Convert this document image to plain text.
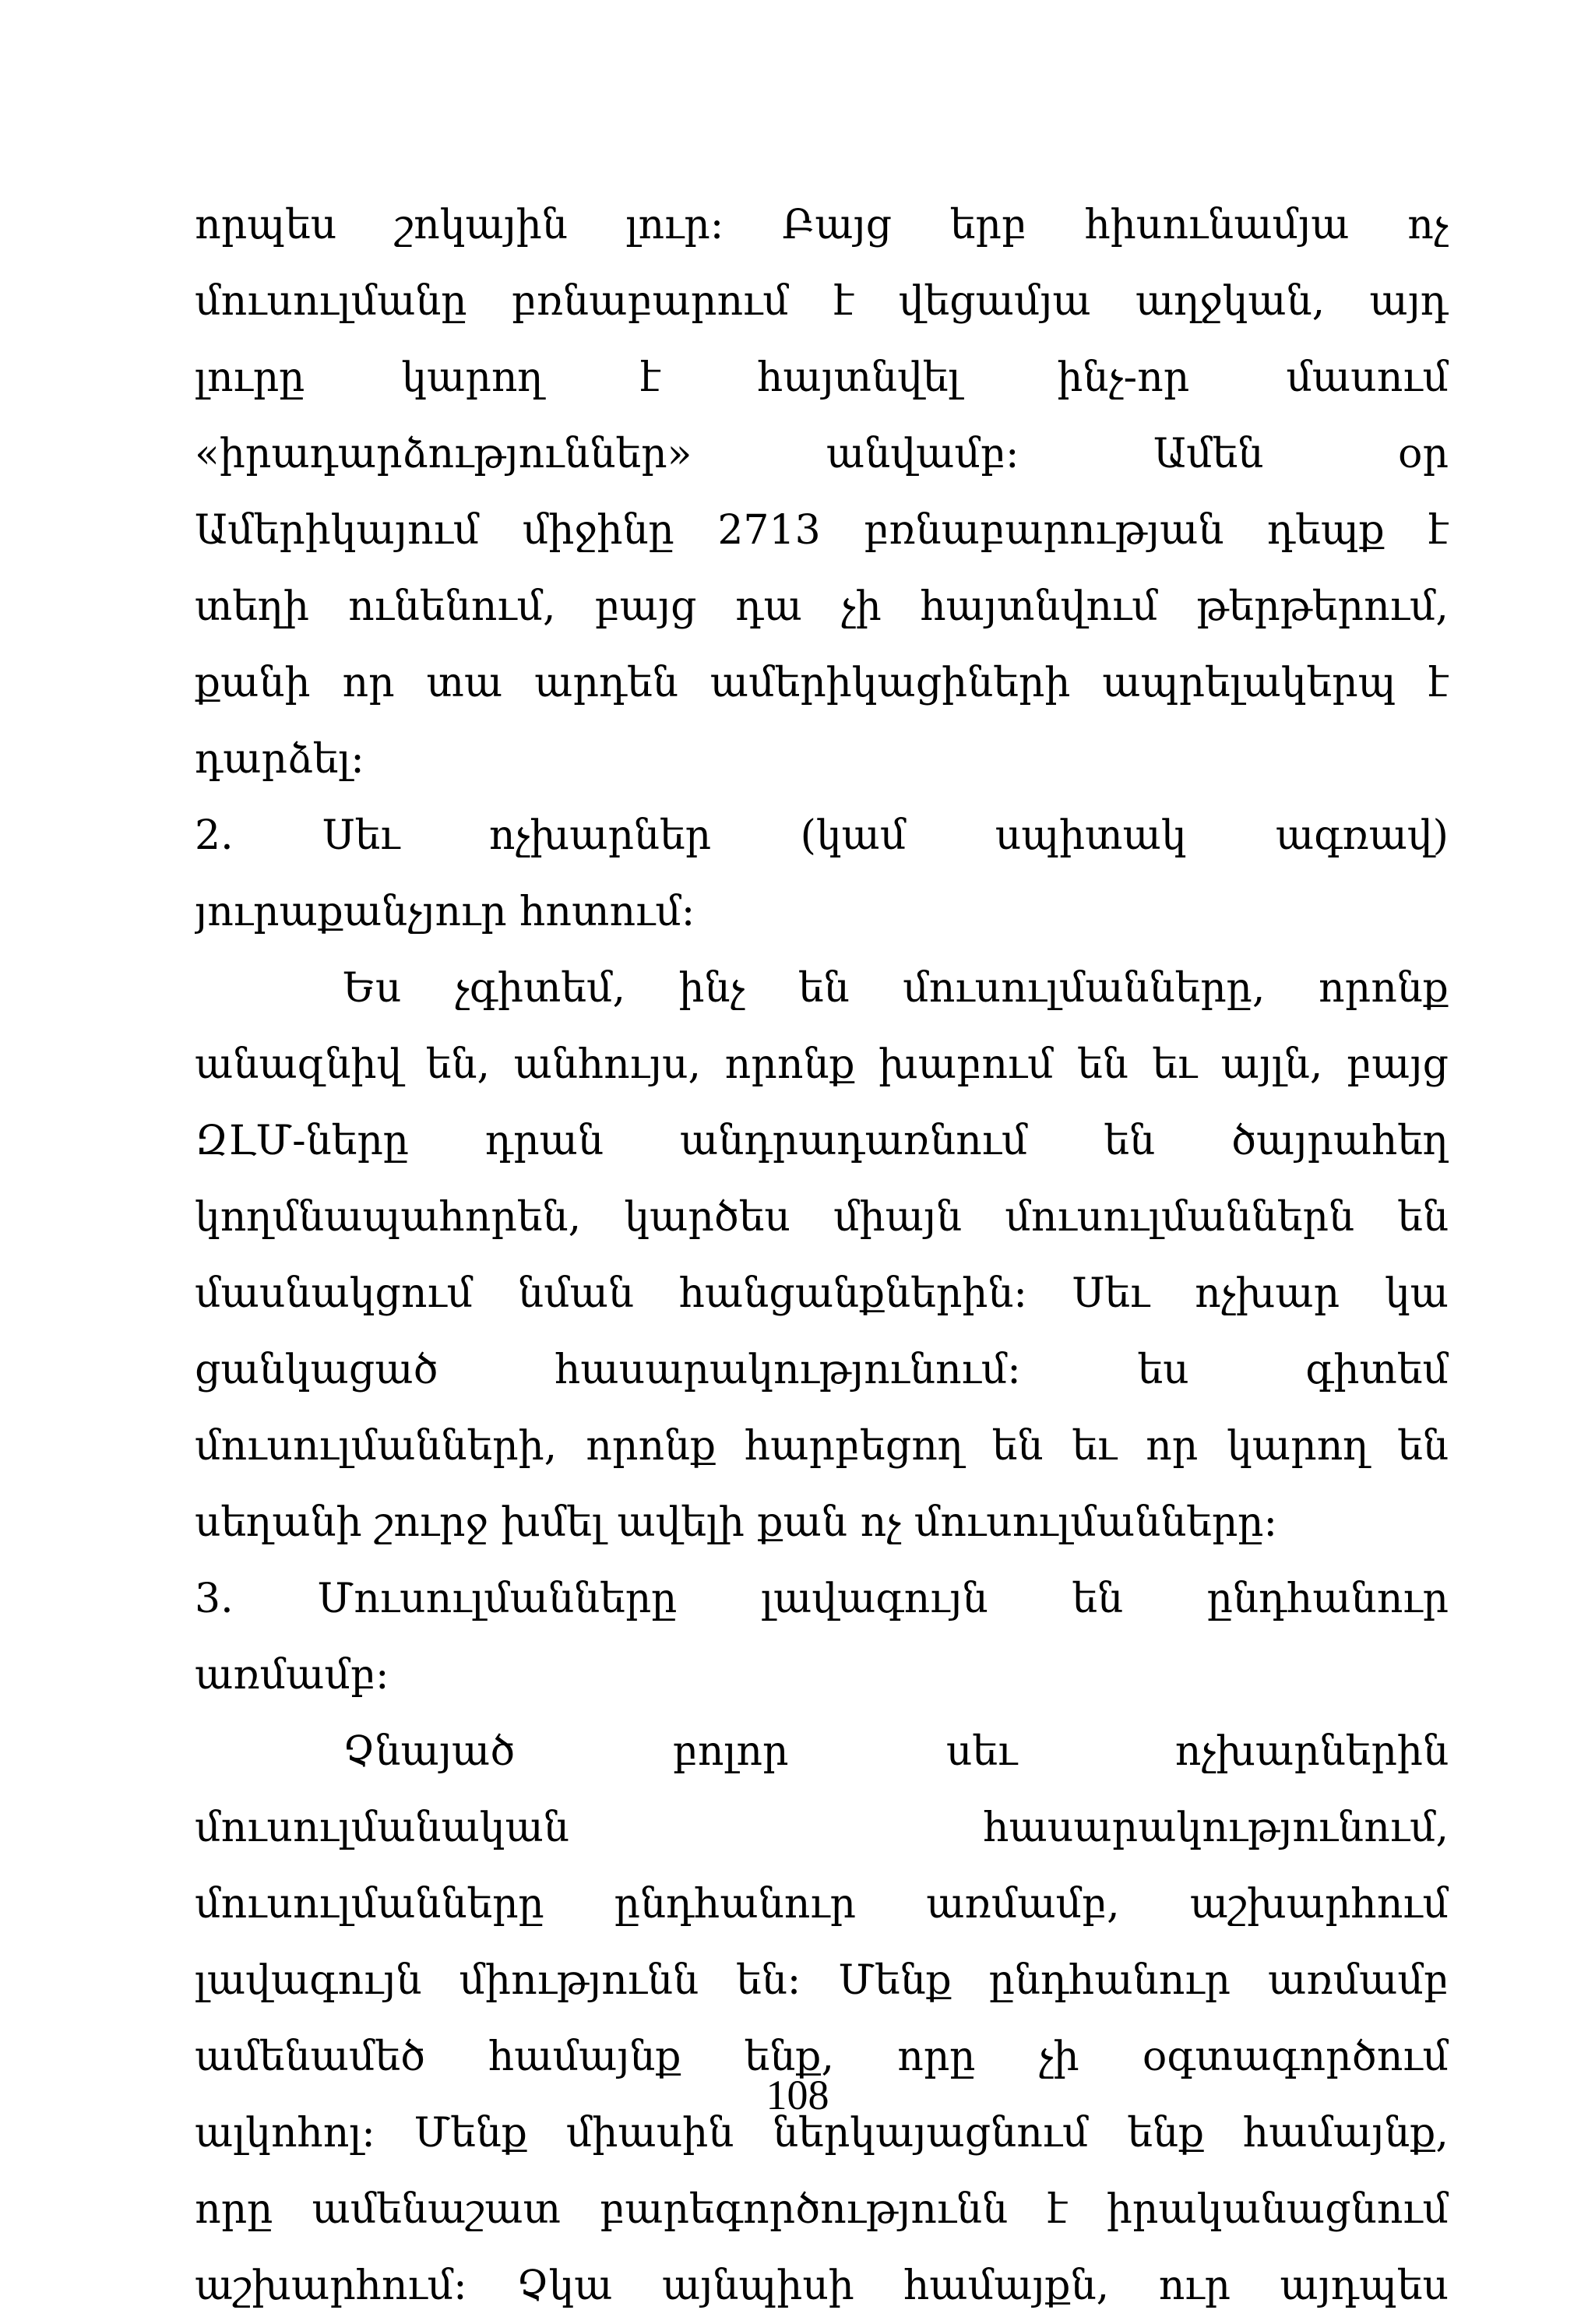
որպես շոկային լուր: Բայց երբ հիսունամյա ոչ
մուսուլմանը բռնաբարում է վեցամյա աղջկան, այդ
լուրը կարող է հայտնվել ինչ-որ մասում
«իրադարձություններ»	անվամբ:	Ամեն	օր
Ամերիկայում միջինը 2713 բռնաբարության դեպք է
տեղի ունենում, բայց դա չի հայտնվում թերթերում,
քանի որ տա արդեն ամերիկացիների ապրելակերպ է
դարձել:
2. Սեւ ոչխարներ (կամ սպիտակ ագռավ)
յուրաքանչյուր հոտում:
Ես չգիտեմ, ինչ են մուսուլմանները, որոնք
անազնիվ են, անհույս, որոնք խաբում են եւ այլն, բայց
ԶԼՄ-ները դրան անդրադառնում են ծայրահեղ
կողմնապահորեն, կարծես միայն մուսուլմաններն են
մասնակցում նման հանցանքներին: Սեւ ոչխար կա
ցանկացած	հասարակությունում:	ես	գիտեմ
մուսուլմանների, որոնք հարբեցող են եւ որ կարող են
սեղանի շուրջ խմել ավելի քան ոչ մուսուլմանները:
3. Մուսուլմանները լավագույն են ընդհանուր
առմամբ:
Չնայած	բոլոր	սեւ	ոչխարներին
մուսուլմանական	հասարակությունում,
մուսուլմանները ընդհանուր առմամբ, աշխարհում
լավագույն միությունն են: Մենք ընդհանուր առմամբ
ամենամեծ համայնք ենք, որը չի օգտագործում
ալկոհոլ: Մենք միասին ներկայացնում ենք համայնք,
որը ամենաշատ բարեգործությունն է իրականացնում
աշխարհում: Չկա այնպիսի համայքն, ուր այդպես
108
